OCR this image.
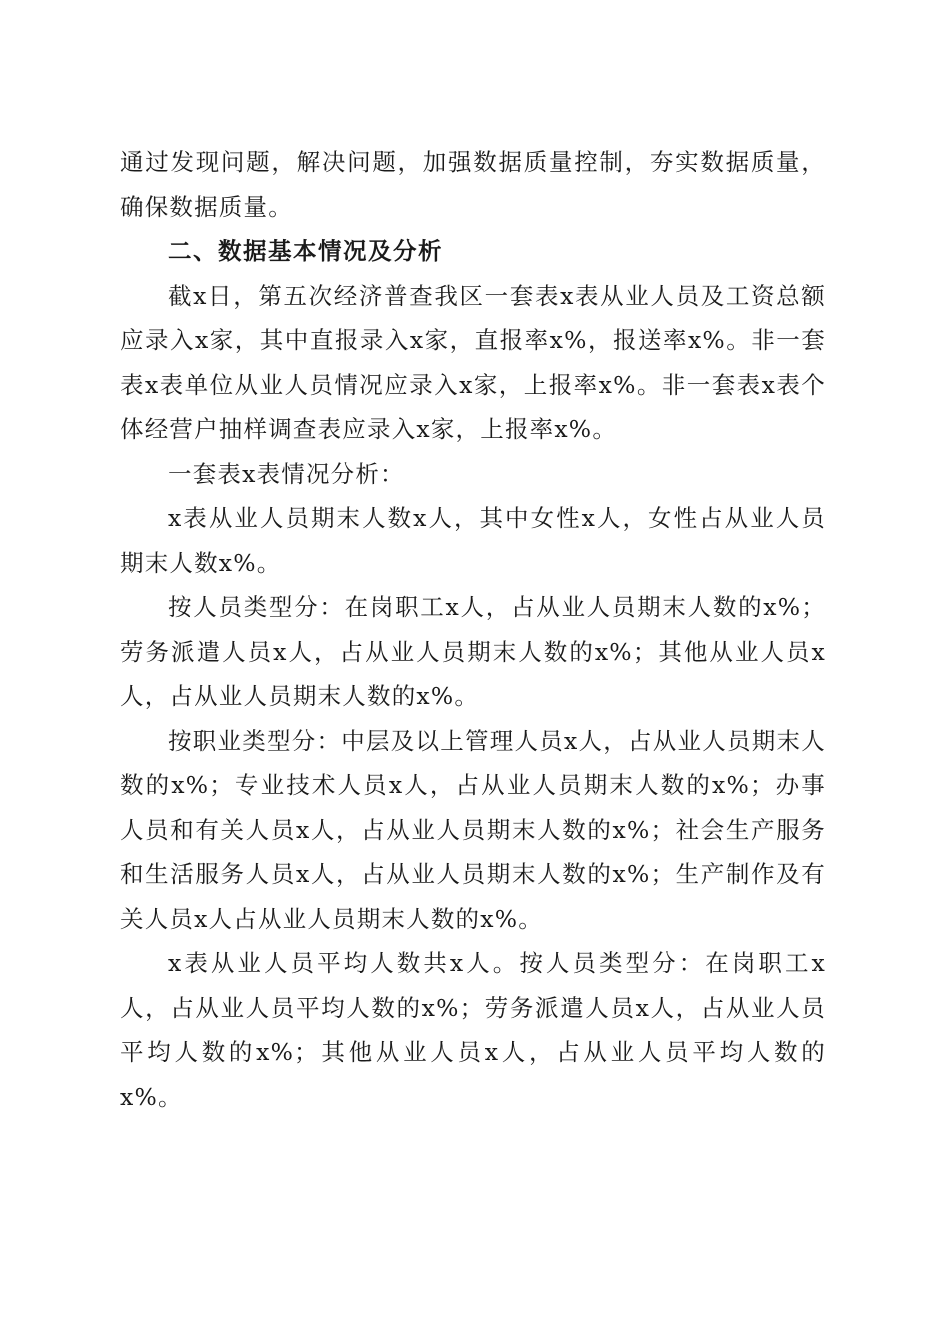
通过发现问题，解决问题，加强数据质量控制，夯实数据质量，确保数据质量。

二、数据基本情况及分析

截x日，第五次经济普查我区一套表x表从业人员及工资总额应录入x家，其中直报录入x家，直报率x%，报送率x%。非一套表x表单位从业人员情况应录入x家，上报率x%。非一套表x表个体经营户抽样调查表应录入x家，上报率x%。

一套表x表情况分析：

x表从业人员期末人数x人，其中女性x人，女性占从业人员期末人数x%。

按人员类型分：在岗职工x人，占从业人员期末人数的x%；劳务派遣人员x人，占从业人员期末人数的x%；其他从业人员x人，占从业人员期末人数的x%。

按职业类型分：中层及以上管理人员x人，占从业人员期末人数的x%；专业技术人员x人，占从业人员期末人数的x%；办事人员和有关人员x人，占从业人员期末人数的x%；社会生产服务和生活服务人员x人，占从业人员期末人数的x%；生产制作及有关人员x人占从业人员期末人数的x%。

x表从业人员平均人数共x人。按人员类型分：在岗职工x人，占从业人员平均人数的x%；劳务派遣人员x人，占从业人员平均人数的x%；其他从业人员x人，占从业人员平均人数的x%。
